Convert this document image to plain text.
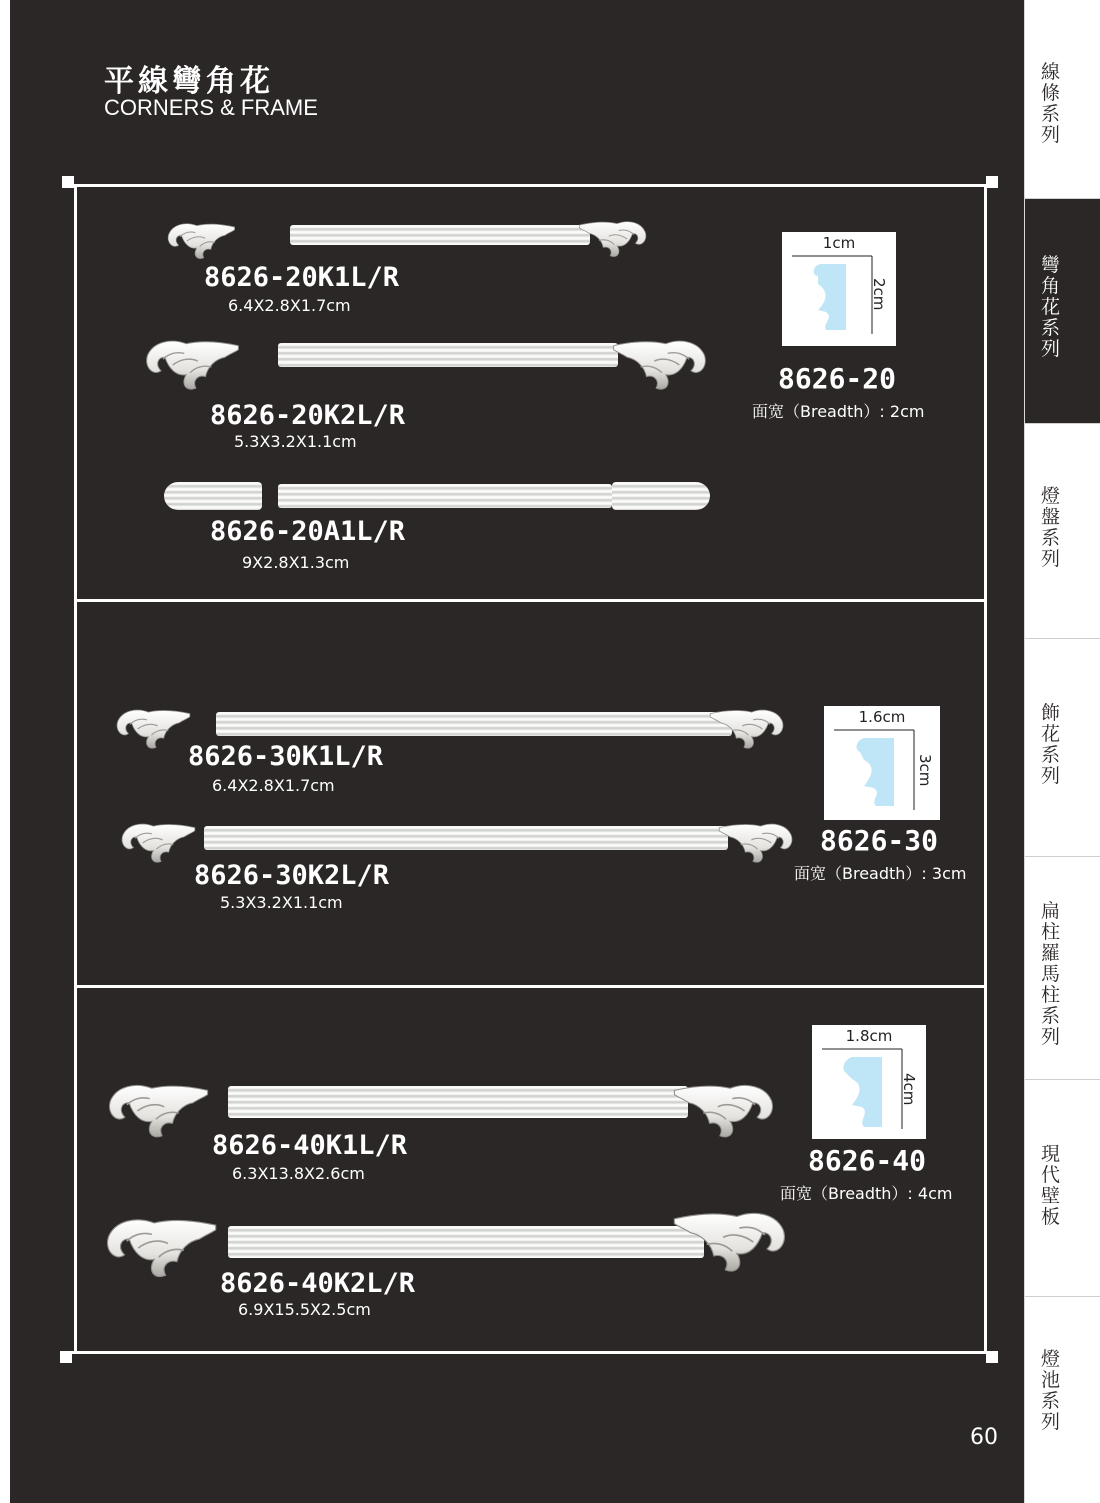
平線彎角花
CORNERS & FRAME
8626-20K1L/R
6.4X2.8X1.7cm
8626-20K2L/R
5.3X3.2X1.1cm
8626-20A1L/R
9X2.8X1.3cm
8626-30K1L/R
6.4X2.8X1.7cm
8626-30K2L/R
5.3X3.2X1.1cm
8626-40K1L/R
6.3X13.8X2.6cm
8626-40K2L/R
6.9X15.5X2.5cm
1cm
2cm
8626-20
面宽（Breadth）: 2cm
1.6cm
3cm
8626-30
面宽（Breadth）: 3cm
1.8cm
4cm
8626-40
面宽（Breadth）: 4cm
線條系列
彎角花系列
燈盤系列
飾花系列
扁柱羅馬柱系列
現代壁板
燈池系列
60
